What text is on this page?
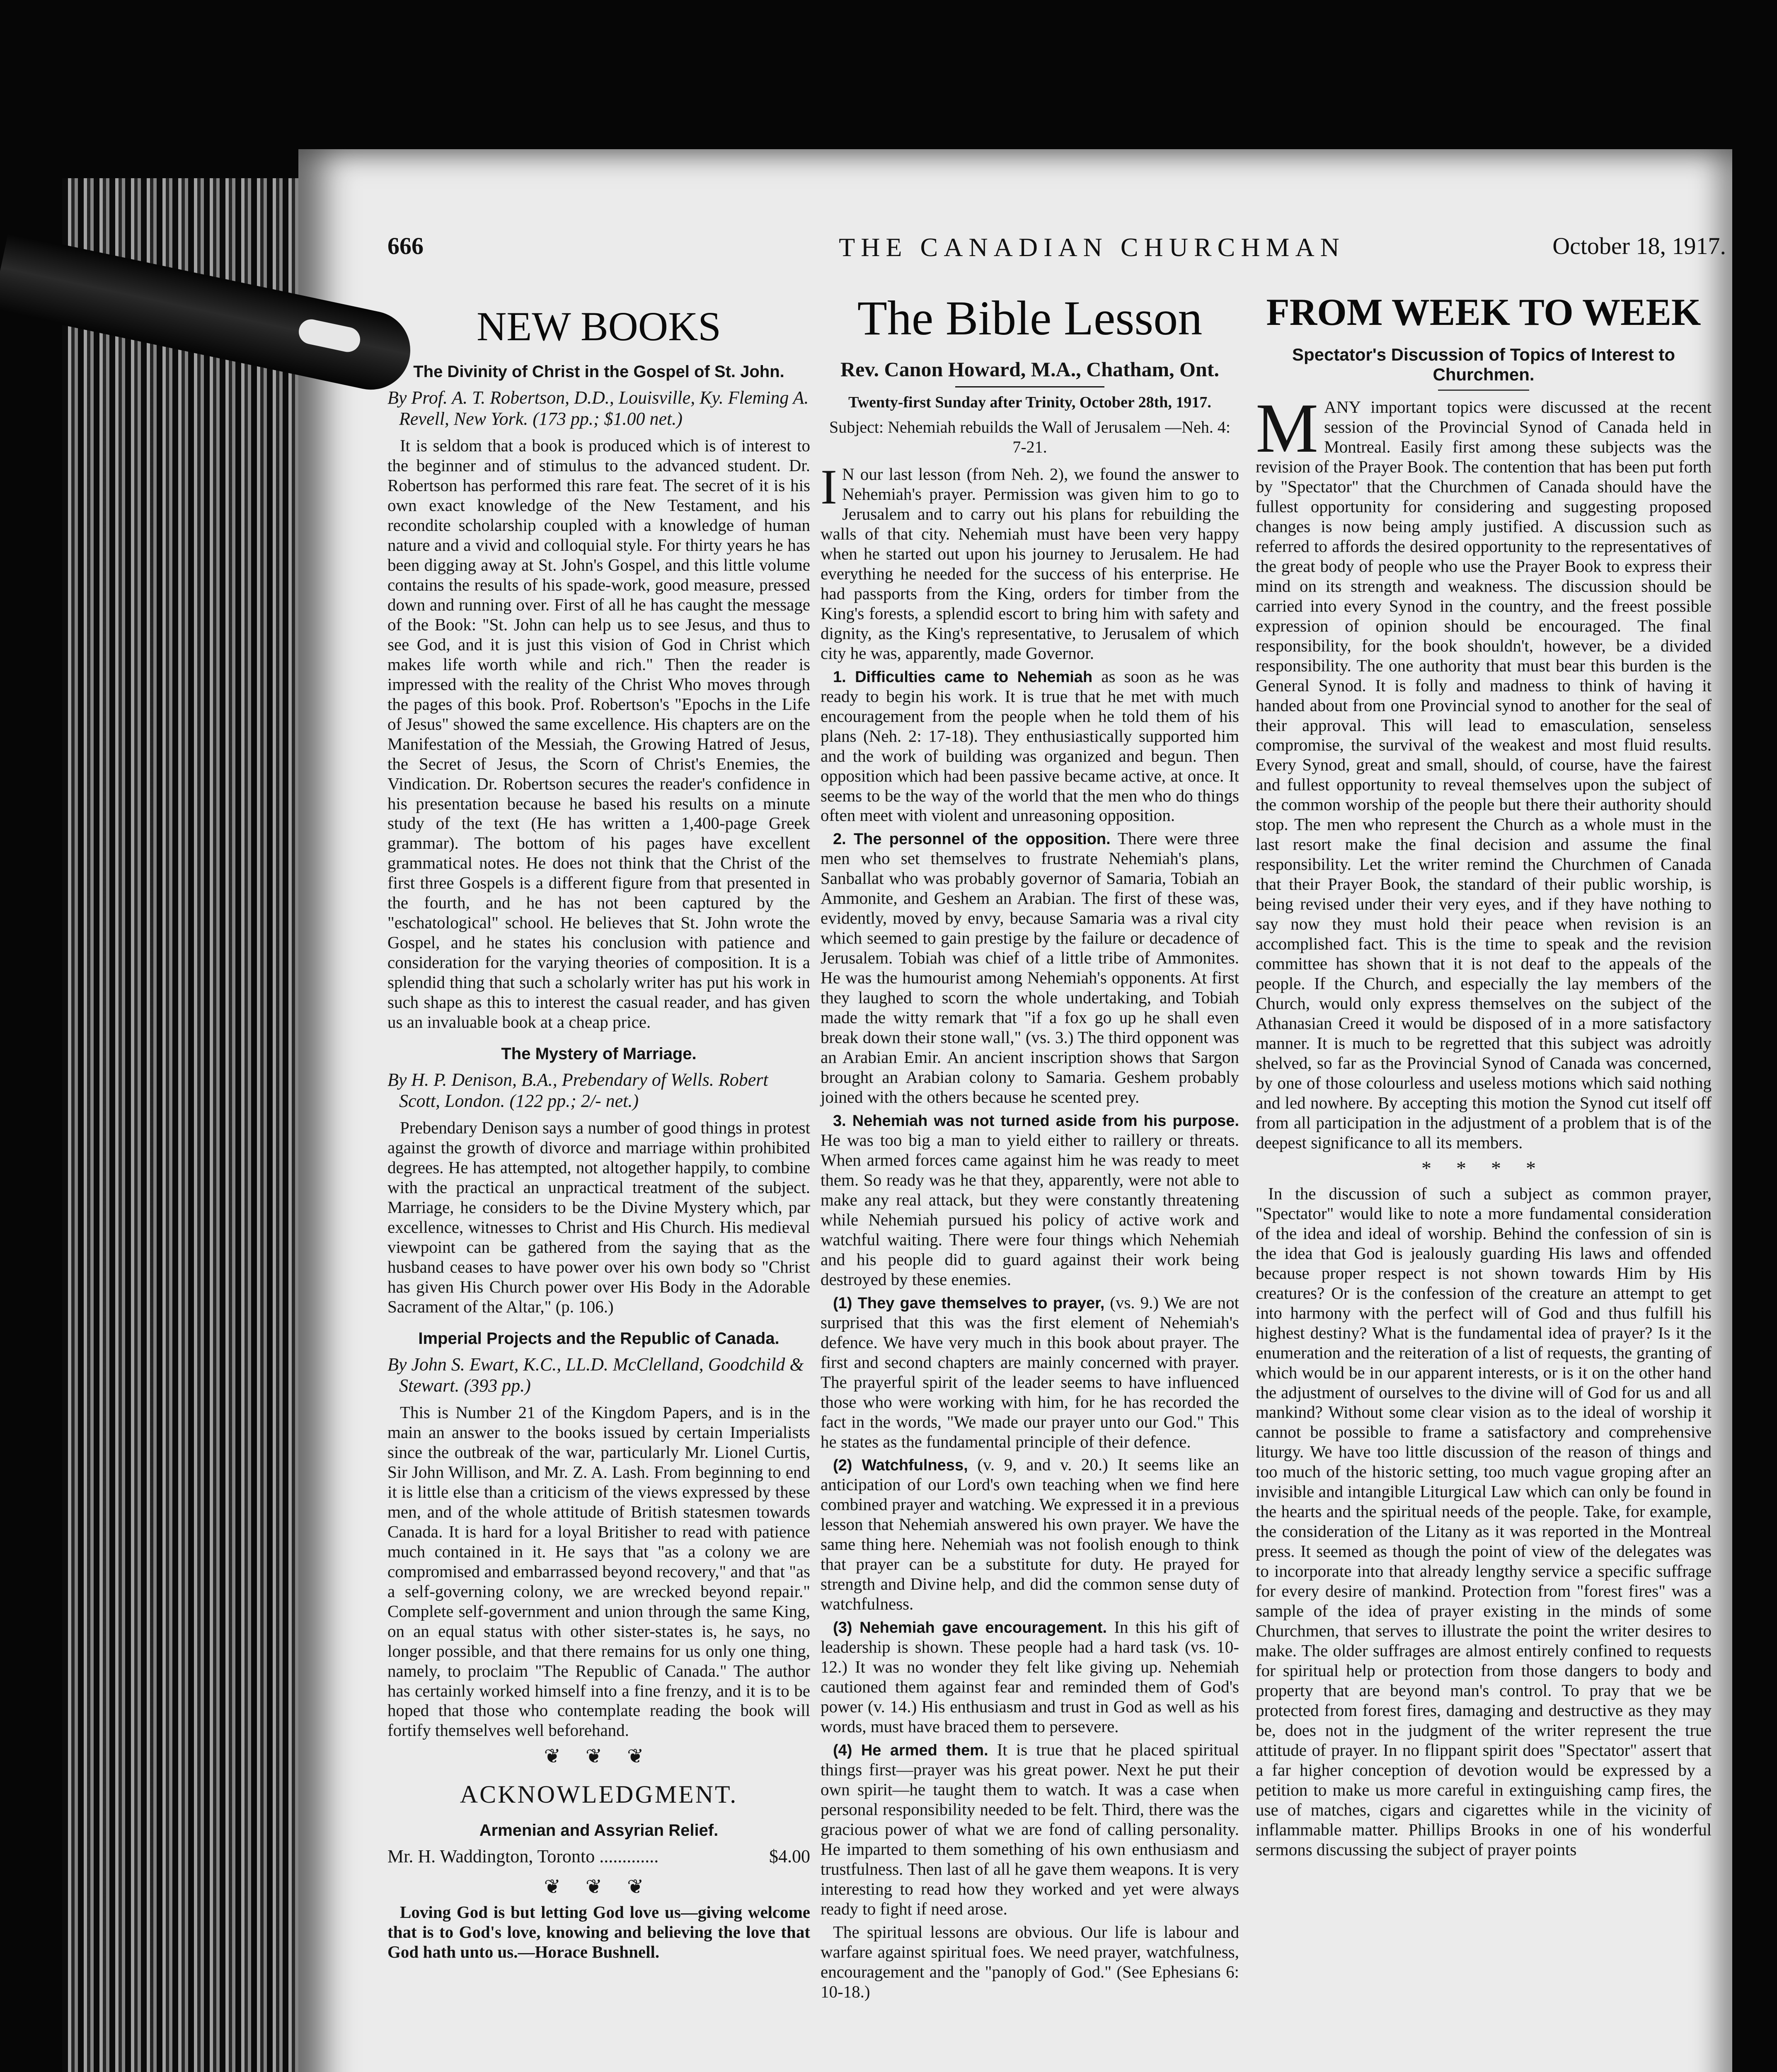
666	THE CANADIAN CHURCHMAN	October 18, 1917.
NEW BOOKS
The Divinity of Christ in the Gospel of St. John.
By Prof. A. T. Robertson, D.D., Louisville, Ky. Fleming A. Revell, New York. (173 pp.; $1.00 net.)

It is seldom that a book is produced which is of interest to the beginner and of stimulus to the advanced student. Dr. Robertson has performed this rare feat. The secret of it is his own exact knowledge of the New Testament, and his recondite scholarship coupled with a knowledge of human nature and a vivid and colloquial style. For thirty years he has been digging away at St. John's Gospel, and this little volume contains the results of his spade-work, good measure, pressed down and running over. First of all he has caught the message of the Book: "St. John can help us to see Jesus, and thus to see God, and it is just this vision of God in Christ which makes life worth while and rich." Then the reader is impressed with the reality of the Christ Who moves through the pages of this book. Prof. Robertson's "Epochs in the Life of Jesus" showed the same excellence. His chapters are on the Manifestation of the Messiah, the Growing Hatred of Jesus, the Secret of Jesus, the Scorn of Christ's Enemies, the Vindication. Dr. Robertson secures the reader's confidence in his presentation because he based his results on a minute study of the text (He has written a 1,400-page Greek grammar). The bottom of his pages have excellent grammatical notes. He does not think that the Christ of the first three Gospels is a different figure from that presented in the fourth, and he has not been captured by the "eschatological" school. He believes that St. John wrote the Gospel, and he states his conclusion with patience and consideration for the varying theories of composition. It is a splendid thing that such a scholarly writer has put his work in such shape as this to interest the casual reader, and has given us an invaluable book at a cheap price.

The Mystery of Marriage.
By H. P. Denison, B.A., Prebendary of Wells. Robert Scott, London. (122 pp.; 2/- net.)

Prebendary Denison says a number of good things in protest against the growth of divorce and marriage within prohibited degrees. He has attempted, not altogether happily, to combine with the practical an unpractical treatment of the subject. Marriage, he considers to be the Divine Mystery which, par excellence, witnesses to Christ and His Church. His medieval viewpoint can be gathered from the saying that as the husband ceases to have power over his own body so "Christ has given His Church power over His Body in the Adorable Sacrament of the Altar," (p. 106.)

Imperial Projects and the Republic of Canada.
By John S. Ewart, K.C., LL.D. McClelland, Goodchild & Stewart. (393 pp.)

This is Number 21 of the Kingdom Papers, and is in the main an answer to the books issued by certain Imperialists since the outbreak of the war, particularly Mr. Lionel Curtis, Sir John Willison, and Mr. Z. A. Lash. From beginning to end it is little else than a criticism of the views expressed by these men, and of the whole attitude of British statesmen towards Canada. It is hard for a loyal Britisher to read with patience much contained in it. He says that "as a colony we are compromised and embarrassed beyond recovery," and that "as a self-governing colony, we are wrecked beyond repair." Complete self-government and union through the same King, on an equal status with other sister-states is, he says, no longer possible, and that there remains for us only one thing, namely, to proclaim "The Republic of Canada." The author has certainly worked himself into a fine frenzy, and it is to be hoped that those who contemplate reading the book will fortify themselves well beforehand.

❦ ❦ ❦
ACKNOWLEDGMENT.
Armenian and Assyrian Relief.
Mr. H. Waddington, Toronto .............	$4.00
❦ ❦ ❦

Loving God is but letting God love us—giving welcome that is to God's love, knowing and believing the love that God hath unto us.—Horace Bushnell.

The Bible Lesson
Rev. Canon Howard, M.A., Chatham, Ont.
Twenty-first Sunday after Trinity, October 28th, 1917.
Subject: Nehemiah rebuilds the Wall of Jerusalem —Neh. 4: 7-21.

I N our last lesson (from Neh. 2), we found the answer to Nehemiah's prayer. Permission was given him to go to Jerusalem and to carry out his plans for rebuilding the walls of that city. Nehemiah must have been very happy when he started out upon his journey to Jerusalem. He had everything he needed for the success of his enterprise. He had passports from the King, orders for timber from the King's forests, a splendid escort to bring him with safety and dignity, as the King's representative, to Jerusalem of which city he was, apparently, made Governor.

1. Difficulties came to Nehemiah as soon as he was ready to begin his work. It is true that he met with much encouragement from the people when he told them of his plans (Neh. 2: 17-18). They enthusiastically supported him and the work of building was organized and begun. Then opposition which had been passive became active, at once. It seems to be the way of the world that the men who do things often meet with violent and unreasoning opposition.

2. The personnel of the opposition. There were three men who set themselves to frustrate Nehemiah's plans, Sanballat who was probably governor of Samaria, Tobiah an Ammonite, and Geshem an Arabian. The first of these was, evidently, moved by envy, because Samaria was a rival city which seemed to gain prestige by the failure or decadence of Jerusalem. Tobiah was chief of a little tribe of Ammonites. He was the humourist among Nehemiah's opponents. At first they laughed to scorn the whole undertaking, and Tobiah made the witty remark that "if a fox go up he shall even break down their stone wall," (vs. 3.) The third opponent was an Arabian Emir. An ancient inscription shows that Sargon brought an Arabian colony to Samaria. Geshem probably joined with the others because he scented prey.

3. Nehemiah was not turned aside from his purpose. He was too big a man to yield either to raillery or threats. When armed forces came against him he was ready to meet them. So ready was he that they, apparently, were not able to make any real attack, but they were constantly threatening while Nehemiah pursued his policy of active work and watchful waiting. There were four things which Nehemiah and his people did to guard against their work being destroyed by these enemies.

(1) They gave themselves to prayer, (vs. 9.) We are not surprised that this was the first element of Nehemiah's defence. We have very much in this book about prayer. The first and second chapters are mainly concerned with prayer. The prayerful spirit of the leader seems to have influenced those who were working with him, for he has recorded the fact in the words, "We made our prayer unto our God." This he states as the fundamental principle of their defence.

(2) Watchfulness, (v. 9, and v. 20.) It seems like an anticipation of our Lord's own teaching when we find here combined prayer and watching. We expressed it in a previous lesson that Nehemiah answered his own prayer. We have the same thing here. Nehemiah was not foolish enough to think that prayer can be a substitute for duty. He prayed for strength and Divine help, and did the common sense duty of watchfulness.

(3) Nehemiah gave encouragement. In this his gift of leadership is shown. These people had a hard task (vs. 10-12.) It was no wonder they felt like giving up. Nehemiah cautioned them against fear and reminded them of God's power (v. 14.) His enthusiasm and trust in God as well as his words, must have braced them to persevere.

(4) He armed them. It is true that he placed spiritual things first—prayer was his great power. Next he put their own spirit—he taught them to watch. It was a case when personal responsibility needed to be felt. Third, there was the gracious power of what we are fond of calling personality. He imparted to them something of his own enthusiasm and trustfulness. Then last of all he gave them weapons. It is very interesting to read how they worked and yet were always ready to fight if need arose.

The spiritual lessons are obvious. Our life is labour and warfare against spiritual foes. We need prayer, watchfulness, encouragement and the "panoply of God." (See Ephesians 6: 10-18.)

FROM WEEK TO WEEK
Spectator's Discussion of Topics of Interest to Churchmen.

M ANY important topics were discussed at the recent session of the Provincial Synod of Canada held in Montreal. Easily first among these subjects was the revision of the Prayer Book. The contention that has been put forth by "Spectator" that the Churchmen of Canada should have the fullest opportunity for considering and suggesting proposed changes is now being amply justified. A discussion such as referred to affords the desired opportunity to the representatives of the great body of people who use the Prayer Book to express their mind on its strength and weakness. The discussion should be carried into every Synod in the country, and the freest possible expression of opinion should be encouraged. The final responsibility, for the book shouldn't, however, be a divided responsibility. The one authority that must bear this burden is the General Synod. It is folly and madness to think of having it handed about from one Provincial synod to another for the seal of their approval. This will lead to emasculation, senseless compromise, the survival of the weakest and most fluid results. Every Synod, great and small, should, of course, have the fairest and fullest opportunity to reveal themselves upon the subject of the common worship of the people but there their authority should stop. The men who represent the Church as a whole must in the last resort make the final decision and assume the final responsibility. Let the writer remind the Churchmen of Canada that their Prayer Book, the standard of their public worship, is being revised under their very eyes, and if they have nothing to say now they must hold their peace when revision is an accomplished fact. This is the time to speak and the revision committee has shown that it is not deaf to the appeals of the people. If the Church, and especially the lay members of the Church, would only express themselves on the subject of the Athanasian Creed it would be disposed of in a more satisfactory manner. It is much to be regretted that this subject was adroitly shelved, so far as the Provincial Synod of Canada was concerned, by one of those colourless and useless motions which said nothing and led nowhere. By accepting this motion the Synod cut itself off from all participation in the adjustment of a problem that is of the deepest significance to all its members.

* * * *

In the discussion of such a subject as common prayer, "Spectator" would like to note a more fundamental consideration of the idea and ideal of worship. Behind the confession of sin is the idea that God is jealously guarding His laws and offended because proper respect is not shown towards Him by His creatures? Or is the confession of the creature an attempt to get into harmony with the perfect will of God and thus fulfill his highest destiny? What is the fundamental idea of prayer? Is it the enumeration and the reiteration of a list of requests, the granting of which would be in our apparent interests, or is it on the other hand the adjustment of ourselves to the divine will of God for us and all mankind? Without some clear vision as to the ideal of worship it cannot be possible to frame a satisfactory and comprehensive liturgy. We have too little discussion of the reason of things and too much of the historic setting, too much vague groping after an invisible and intangible Liturgical Law which can only be found in the hearts and the spiritual needs of the people. Take, for example, the consideration of the Litany as it was reported in the Montreal press. It seemed as though the point of view of the delegates was to incorporate into that already lengthy service a specific suffrage for every desire of mankind. Protection from "forest fires" was a sample of the idea of prayer existing in the minds of some Churchmen, that serves to illustrate the point the writer desires to make. The older suffrages are almost entirely confined to requests for spiritual help or protection from those dangers to body and property that are beyond man's control. To pray that we be protected from forest fires, damaging and destructive as they may be, does not in the judgment of the writer represent the true attitude of prayer. In no flippant spirit does "Spectator" assert that a far higher conception of devotion would be expressed by a petition to make us more careful in extinguishing camp fires, the use of matches, cigars and cigarettes while in the vicinity of inflammable matter. Phillips Brooks in one of his wonderful sermons discussing the subject of prayer points
